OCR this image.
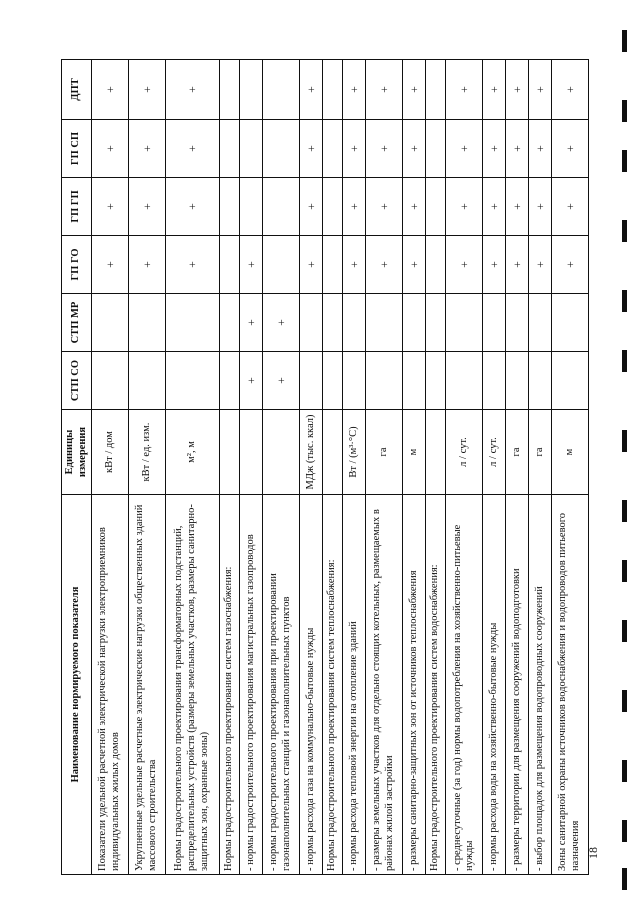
Наименование нормируемого показателя	Единицы измерения	СТП СО	СТП МР	ГП ГО	ГП ГП	ГП СП	ДПТ
Показатели удельной расчетной электрической нагрузки электроприемников индивидуальных жилых домов	кВт / дом			+	+	+	+
Укрупненные удельные расчетные электрические нагрузки общественных зданий массового строительства	кВт / ед. изм.			+	+	+	+
Нормы градостроительного проектирования трансформаторных подстанций, распределительных устройств (размеры земельных участков, размеры санитарно-защитных зон, охранные зоны)	м², м			+	+	+	+
Нормы градостроительного проектирования систем газоснабжения:							
- нормы градостроительного проектирования магистральных газопроводов		+	+	+			
- нормы градостроительного проектирования при проектировании газонаполнительных станций и газонаполнительных пунктов		+	+				
- нормы расхода газа на коммунально-бытовые нужды	МДж (тыс. ккал)			+	+	+	+
Нормы градостроительного проектирования систем теплоснабжения:							
- нормы расхода тепловой энергии на отопление зданий	Вт / (м³·°С)			+	+	+	+
- размеры земельных участков для отдельно стоящих котельных, размещаемых в районах жилой застройки	га			+	+	+	+
- размеры санитарно-защитных зон от источников теплоснабжения	м			+	+	+	+
Нормы градостроительного проектирования систем водоснабжения:							
- среднесуточные (за год) нормы водопотребления на хозяйственно-питьевые нужды	л / сут.			+	+	+	+
- нормы расхода воды на хозяйственно-бытовые нужды	л / сут.			+	+	+	+
- размеры территории для размещения сооружений водоподготовки	га			+	+	+	+
- выбор площадок для размещения водопроводных сооружений	га			+	+	+	+
Зоны санитарной охраны источников водоснабжения и водопроводов питьевого назначения	м			+	+	+	+
18
